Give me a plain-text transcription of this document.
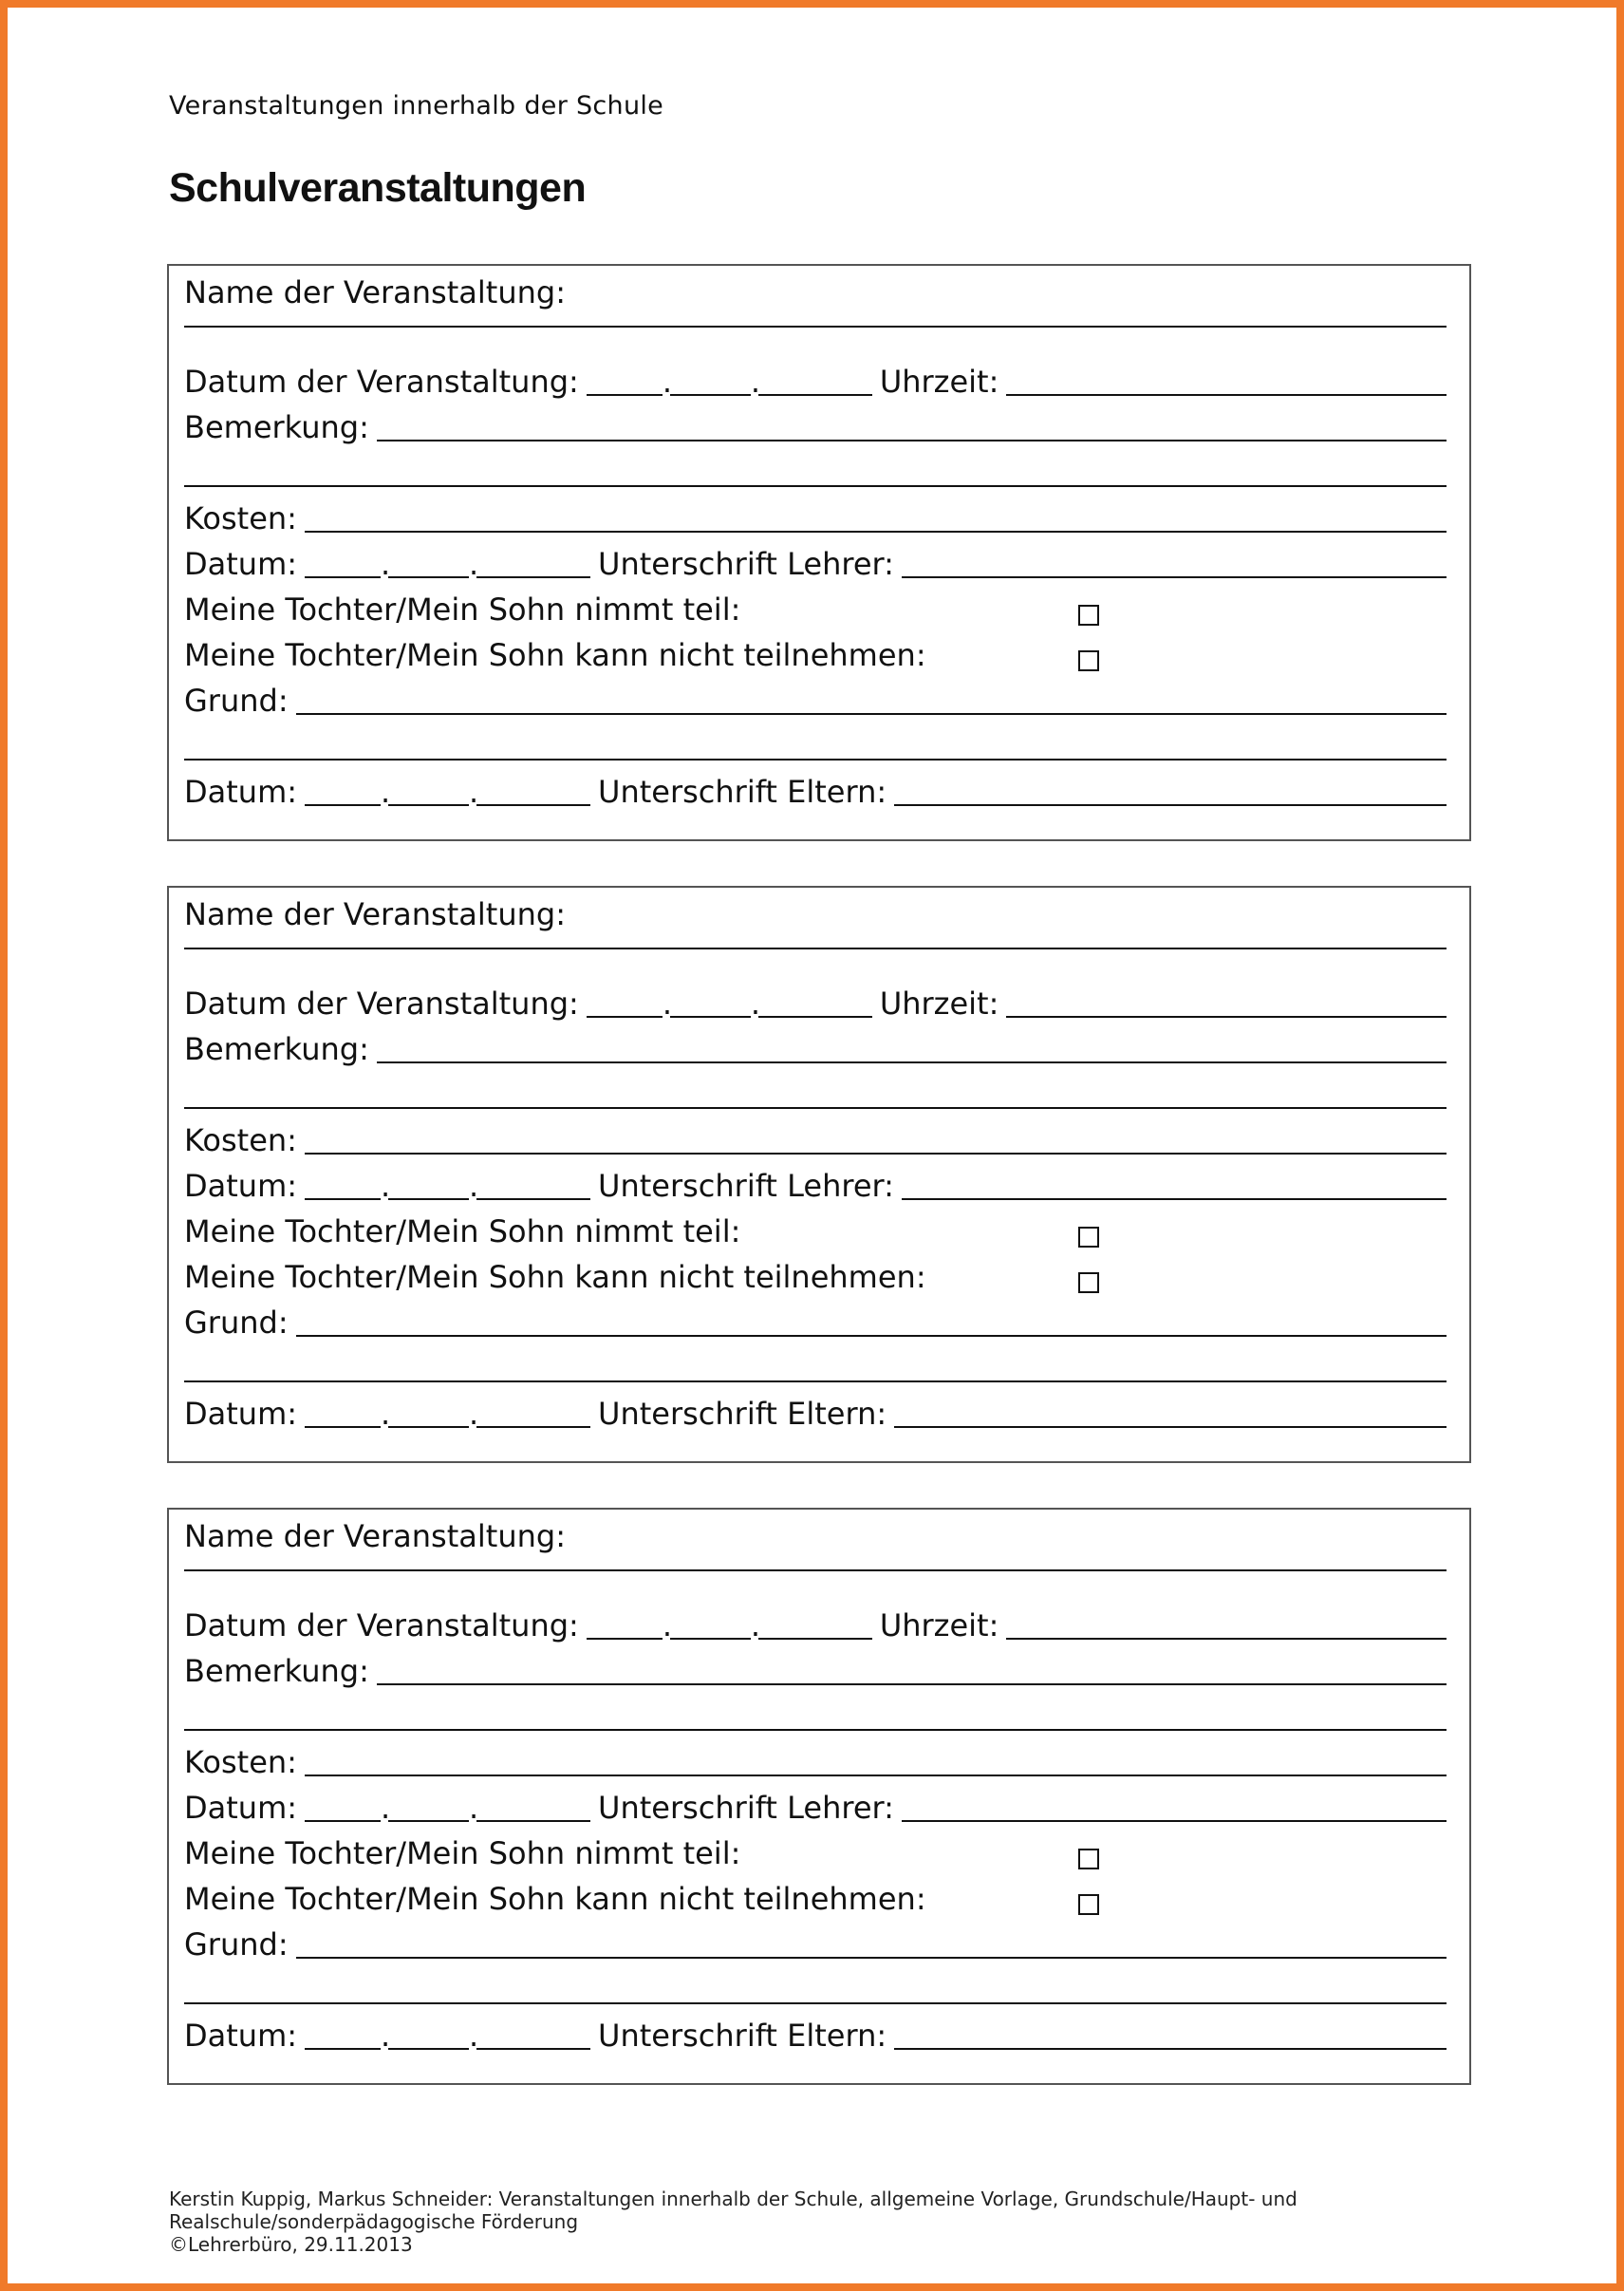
Veranstaltungen innerhalb der Schule
Schulveranstaltungen
Name der Veranstaltung:
Datum der Veranstaltung:	.	.	Uhrzeit:
Bemerkung:
Kosten:
Datum:	.	.	Unterschrift Lehrer:
Meine Tochter/Mein Sohn nimmt teil:
Meine Tochter/Mein Sohn kann nicht teilnehmen:
Grund:
Datum:	.	.	Unterschrift Eltern:
Name der Veranstaltung:
Datum der Veranstaltung:	.	.	Uhrzeit:
Bemerkung:
Kosten:
Datum:	.	.	Unterschrift Lehrer:
Meine Tochter/Mein Sohn nimmt teil:
Meine Tochter/Mein Sohn kann nicht teilnehmen:
Grund:
Datum:	.	.	Unterschrift Eltern:
Name der Veranstaltung:
Datum der Veranstaltung:	.	.	Uhrzeit:
Bemerkung:
Kosten:
Datum:	.	.	Unterschrift Lehrer:
Meine Tochter/Mein Sohn nimmt teil:
Meine Tochter/Mein Sohn kann nicht teilnehmen:
Grund:
Datum:	.	.	Unterschrift Eltern:
Kerstin Kuppig, Markus Schneider: Veranstaltungen innerhalb der Schule, allgemeine Vorlage, Grundschule/Haupt- und
Realschule/sonderpädagogische Förderung
©Lehrerbüro, 29.11.2013
